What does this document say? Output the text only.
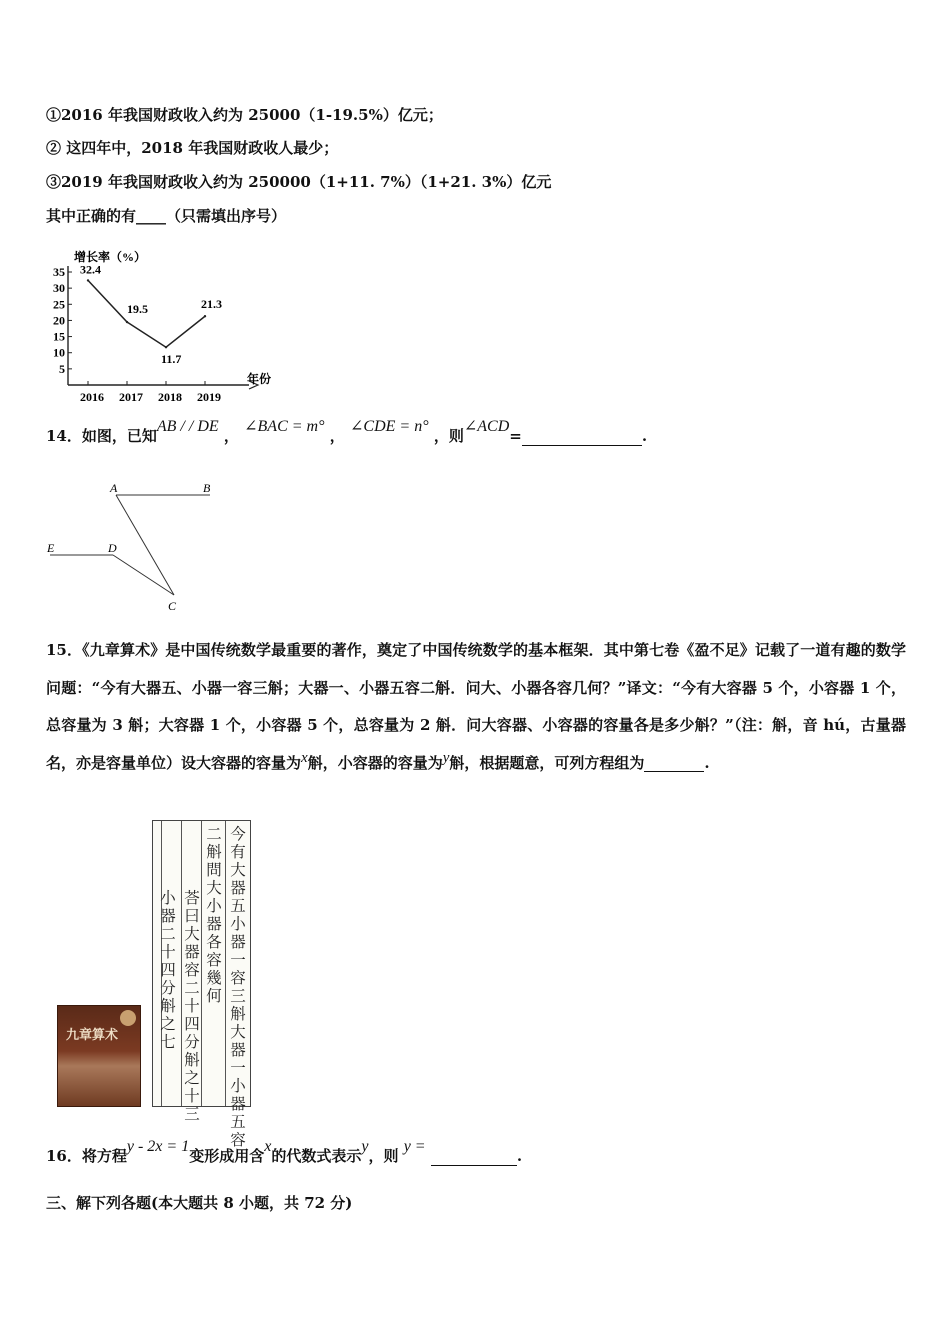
①2016 年我国财政收入约为 25000（1-19.5%）亿元；
② 这四年中，2018 年我国财政收人最少；
③2019 年我国财政收入约为 250000（1+11. 7%）（1+21. 3%）亿元
其中正确的有____（只需填出序号）
增长率（%）
年份
5
10
15
20
25
30
35
2016 2017 2018 2019
32.4
19.5
11.7
21.3
14．如图，已知AB / / DE ， ∠BAC = m° ， ∠CDE = n° ，则∠ACD=	.
A	B
E	D
C
15．《九章算术》是中国传统数学最重要的著作，奠定了中国传统数学的基本框架．其中第七卷《盈不足》记载了一道有趣的数学问题：“今有大器五、小器一容三斛；大器一、小器五容二斛．问大、小器各容几何？”译文：“今有大容器 5 个，小容器 1 个，总容量为 3 斛；大容器 1 个，小容器 5 个，总容量为 2 斛．问大容器、小容器的容量各是多少斛？”（注：斛，音 hú，古量器名，亦是容量单位）设大容器的容量为x斛，小容器的容量为y斛，根据题意，可列方程组为	.
九章算术
今有大器五小器一容三斛大器一小器五容
二斛問大小器各容幾何
荅曰大器容二十四分斛之十三
小器二十四分斛之七
16．将方程y - 2x = 1变形成用含x的代数式表示y，则 y = .
三、解下列各题(本大题共 8 小题，共 72 分)
